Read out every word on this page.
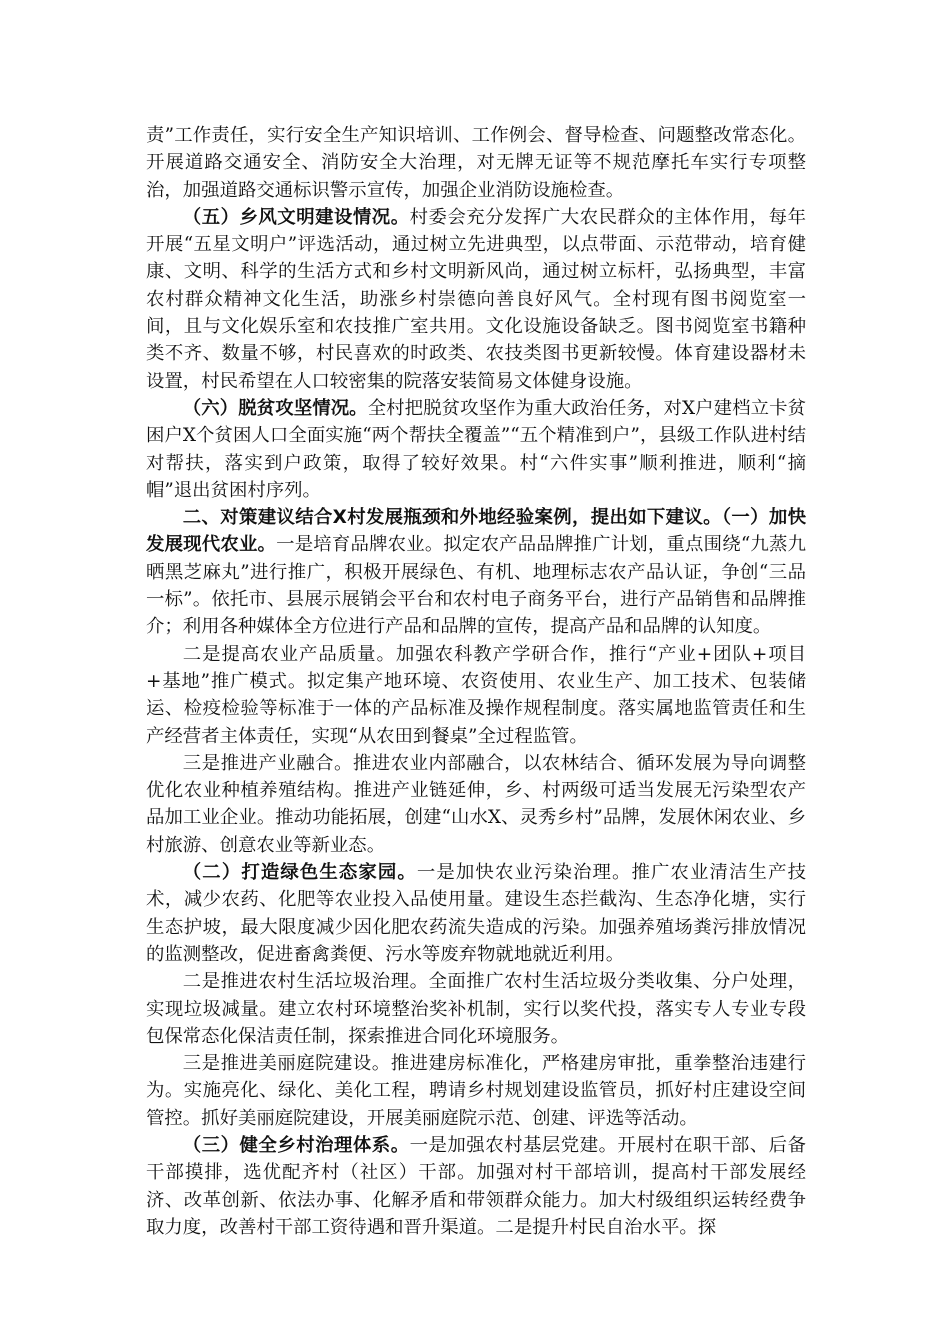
责”工作责任，实行安全生产知识培训、工作例会、督导检查、问题整改常态化。开展道路交通安全、消防安全大治理，对无牌无证等不规范摩托车实行专项整治，加强道路交通标识警示宣传，加强企业消防设施检查。

（五）乡风文明建设情况。村委会充分发挥广大农民群众的主体作用，每年开展“五星文明户”评选活动，通过树立先进典型，以点带面、示范带动，培育健康、文明、科学的生活方式和乡村文明新风尚，通过树立标杆，弘扬典型，丰富农村群众精神文化生活，助涨乡村崇德向善良好风气。全村现有图书阅览室一间，且与文化娱乐室和农技推广室共用。文化设施设备缺乏。图书阅览室书籍种类不齐、数量不够，村民喜欢的时政类、农技类图书更新较慢。体育建设器材未设置，村民希望在人口较密集的院落安装简易文体健身设施。

（六）脱贫攻坚情况。全村把脱贫攻坚作为重大政治任务，对X户建档立卡贫困户X个贫困人口全面实施“两个帮扶全覆盖”“五个精准到户”，县级工作队进村结对帮扶，落实到户政策，取得了较好效果。村“六件实事”顺利推进，顺利“摘帽”退出贫困村序列。

二、对策建议结合X村发展瓶颈和外地经验案例，提出如下建议。（一）加快发展现代农业。一是培育品牌农业。拟定农产品品牌推广计划，重点围绕“九蒸九晒黑芝麻丸”进行推广，积极开展绿色、有机、地理标志农产品认证，争创“三品一标”。依托市、县展示展销会平台和农村电子商务平台，进行产品销售和品牌推介；利用各种媒体全方位进行产品和品牌的宣传，提高产品和品牌的认知度。

二是提高农业产品质量。加强农科教产学研合作，推行“产业+团队+项目+基地”推广模式。拟定集产地环境、农资使用、农业生产、加工技术、包装储运、检疫检验等标准于一体的产品标准及操作规程制度。落实属地监管责任和生产经营者主体责任，实现“从农田到餐桌”全过程监管。

三是推进产业融合。推进农业内部融合，以农林结合、循环发展为导向调整优化农业种植养殖结构。推进产业链延伸，乡、村两级可适当发展无污染型农产品加工业企业。推动功能拓展，创建“山水X、灵秀乡村”品牌，发展休闲农业、乡村旅游、创意农业等新业态。

（二）打造绿色生态家园。一是加快农业污染治理。推广农业清洁生产技术，减少农药、化肥等农业投入品使用量。建设生态拦截沟、生态净化塘，实行生态护坡，最大限度减少因化肥农药流失造成的污染。加强养殖场粪污排放情况的监测整改，促进畜禽粪便、污水等废弃物就地就近利用。

二是推进农村生活垃圾治理。全面推广农村生活垃圾分类收集、分户处理，实现垃圾减量。建立农村环境整治奖补机制，实行以奖代投，落实专人专业专段包保常态化保洁责任制，探索推进合同化环境服务。

三是推进美丽庭院建设。推进建房标准化，严格建房审批，重拳整治违建行为。实施亮化、绿化、美化工程，聘请乡村规划建设监管员，抓好村庄建设空间管控。抓好美丽庭院建设，开展美丽庭院示范、创建、评选等活动。

（三）健全乡村治理体系。一是加强农村基层党建。开展村在职干部、后备干部摸排，选优配齐村（社区）干部。加强对村干部培训，提高村干部发展经济、改革创新、依法办事、化解矛盾和带领群众能力。加大村级组织运转经费争取力度，改善村干部工资待遇和晋升渠道。二是提升村民自治水平。探
